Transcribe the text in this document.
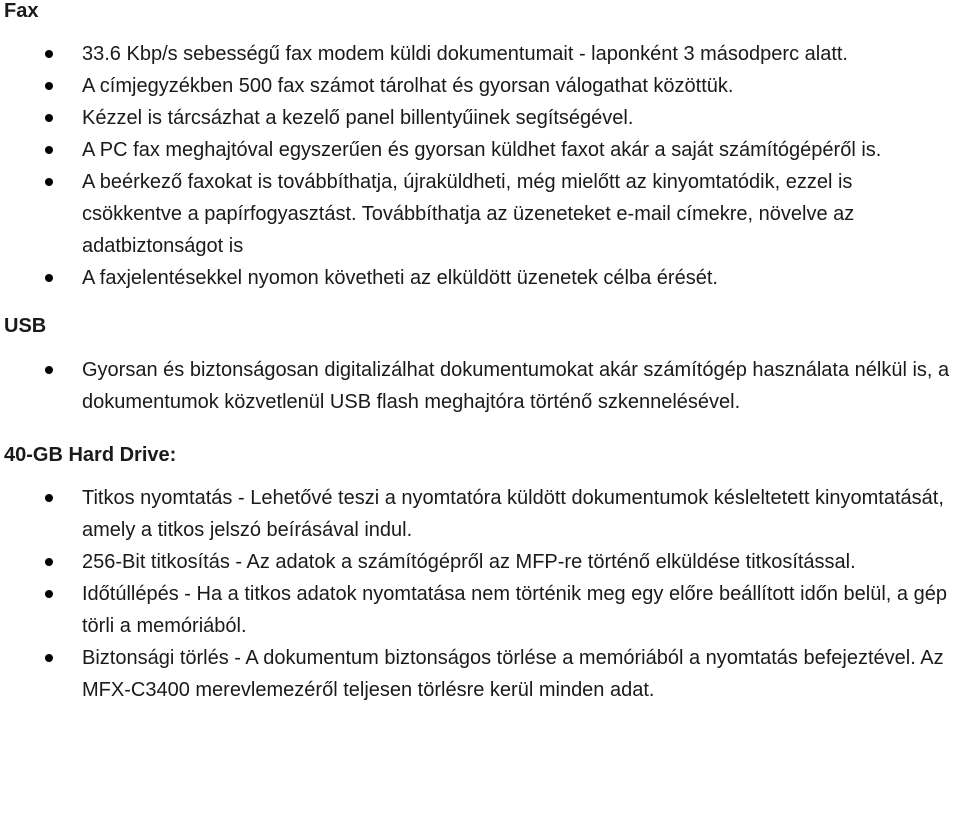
Fax
33.6 Kbp/s sebességű fax modem küldi dokumentumait - laponként 3 másodperc alatt.
A címjegyzékben 500 fax számot tárolhat és gyorsan válogathat közöttük.
Kézzel is tárcsázhat a kezelő panel billentyűinek segítségével.
A PC fax meghajtóval egyszerűen és gyorsan küldhet faxot akár a saját számítógépéről is.
A beérkező faxokat is továbbíthatja, újraküldheti, még mielőtt az kinyomtatódik, ezzel is csökkentve a papírfogyasztást. Továbbíthatja az üzeneteket e-mail címekre, növelve az adatbiztonságot is
A faxjelentésekkel nyomon követheti az elküldött üzenetek célba érését.
USB
Gyorsan és biztonságosan digitalizálhat dokumentumokat akár számítógép használata nélkül is, a dokumentumok közvetlenül USB flash meghajtóra történő szkennelésével.
40-GB Hard Drive:
Titkos nyomtatás - Lehetővé teszi a nyomtatóra küldött dokumentumok késleltetett kinyomtatását, amely a titkos jelszó beírásával indul.
256-Bit titkosítás - Az adatok a számítógépről az MFP-re történő elküldése titkosítással.
Időtúllépés - Ha a titkos adatok nyomtatása nem történik meg egy előre beállított időn belül, a gép törli a memóriából.
Biztonsági törlés - A dokumentum biztonságos törlése a memóriából a nyomtatás befejeztével. Az MFX-C3400 merevlemezéről teljesen törlésre kerül minden adat.
